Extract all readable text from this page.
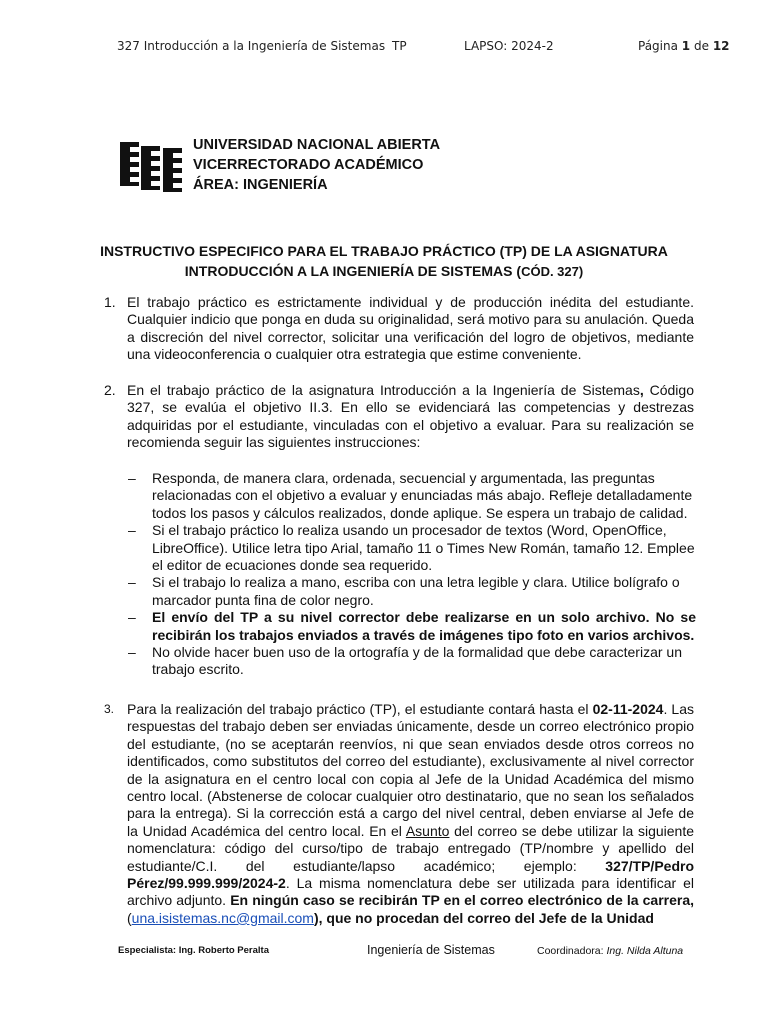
327 Introducción a la Ingeniería de Sistemas TP	LAPSO: 2024-2	Página 1 de 12
UNIVERSIDAD NACIONAL ABIERTA
VICERRECTORADO ACADÉMICO
ÁREA: INGENIERÍA
INSTRUCTIVO ESPECIFICO PARA EL TRABAJO PRÁCTICO (TP) DE LA ASIGNATURA
INTRODUCCIÓN A LA INGENIERÍA DE SISTEMAS (CÓD. 327)
1. El trabajo práctico es estrictamente individual y de producción inédita del estudiante. Cualquier indicio que ponga en duda su originalidad, será motivo para su anulación. Queda a discreción del nivel corrector, solicitar una verificación del logro de objetivos, mediante una videoconferencia o cualquier otra estrategia que estime conveniente.
2. En el trabajo práctico de la asignatura Introducción a la Ingeniería de Sistemas, Código 327, se evalúa el objetivo II.3. En ello se evidenciará las competencias y destrezas adquiridas por el estudiante, vinculadas con el objetivo a evaluar. Para su realización se recomienda seguir las siguientes instrucciones:

– Responda, de manera clara, ordenada, secuencial y argumentada, las preguntas relacionadas con el objetivo a evaluar y enunciadas más abajo. Refleje detalladamente todos los pasos y cálculos realizados, donde aplique. Se espera un trabajo de calidad.

– Si el trabajo práctico lo realiza usando un procesador de textos (Word, OpenOffice, LibreOffice). Utilice letra tipo Arial, tamaño 11 o Times New Román, tamaño 12. Emplee el editor de ecuaciones donde sea requerido.

– Si el trabajo lo realiza a mano, escriba con una letra legible y clara. Utilice bolígrafo o marcador punta fina de color negro.

– El envío del TP a su nivel corrector debe realizarse en un solo archivo. No se recibirán los trabajos enviados a través de imágenes tipo foto en varios archivos.

– No olvide hacer buen uso de la ortografía y de la formalidad que debe caracterizar un trabajo escrito.

3. Para la realización del trabajo práctico (TP), el estudiante contará hasta el 02-11-2024. Las respuestas del trabajo deben ser enviadas únicamente, desde un correo electrónico propio del estudiante, (no se aceptarán reenvíos, ni que sean enviados desde otros correos no identificados, como substitutos del correo del estudiante), exclusivamente al nivel corrector de la asignatura en el centro local con copia al Jefe de la Unidad Académica del mismo centro local. (Abstenerse de colocar cualquier otro destinatario, que no sean los señalados para la entrega). Si la corrección está a cargo del nivel central, deben enviarse al Jefe de la Unidad Académica del centro local. En el Asunto del correo se debe utilizar la siguiente nomenclatura: código del curso/tipo de trabajo entregado (TP/nombre y apellido del estudiante/C.I. del estudiante/lapso académico; ejemplo: 327/TP/Pedro Pérez/99.999.999/2024-2. La misma nomenclatura debe ser utilizada para identificar el archivo adjunto. En ningún caso se recibirán TP en el correo electrónico de la carrera, (una.isistemas.nc@gmail.com), que no procedan del correo del Jefe de la Unidad
Especialista: Ing. Roberto Peralta	Ingeniería de Sistemas	Coordinadora: Ing. Nilda Altuna
